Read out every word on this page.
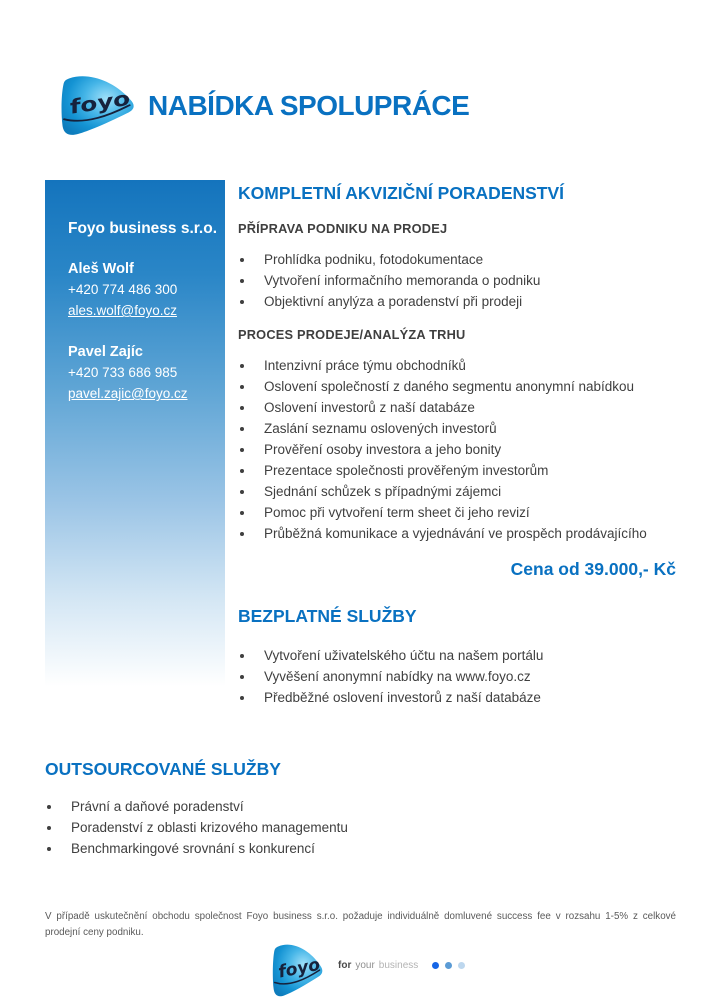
NABÍDKA SPOLUPRÁCE
Foyo business s.r.o.
Aleš Wolf
+420 774 486 300
ales.wolf@foyo.cz
Pavel Zajíc
+420 733 686 985
pavel.zajic@foyo.cz
KOMPLETNÍ AKVIZIČNÍ PORADENSTVÍ
PŘÍPRAVA PODNIKU NA PRODEJ
• Prohlídka podniku, fotodokumentace
• Vytvoření informačního memoranda o podniku
• Objektivní anylýza a poradenství při prodeji
PROCES PRODEJE/ANALÝZA TRHU
• Intenzivní práce týmu obchodníků
• Oslovení společností z daného segmentu anonymní nabídkou
• Oslovení investorů z naší databáze
• Zaslání seznamu oslovených investorů
• Prověření osoby investora a jeho bonity
• Prezentace společnosti prověřeným investorům
• Sjednání schůzek s případnými zájemci
• Pomoc při vytvoření term sheet či jeho revizí
• Průběžná komunikace a vyjednávání ve prospěch prodávajícího
Cena od 39.000,- Kč
BEZPLATNÉ SLUŽBY
• Vytvoření uživatelského účtu na našem portálu
• Vyvěšení anonymní nabídky na www.foyo.cz
• Předběžné oslovení investorů z naší databáze
OUTSOURCOVANÉ SLUŽBY
• Právní a daňové poradenství
• Poradenství z oblasti krizového managementu
• Benchmarkingové srovnání s konkurencí
V případě uskutečnění obchodu společnost Foyo business s.r.o. požaduje individuálně domluvené success fee v rozsahu 1-5% z celkové prodejní ceny podniku.
for your business
